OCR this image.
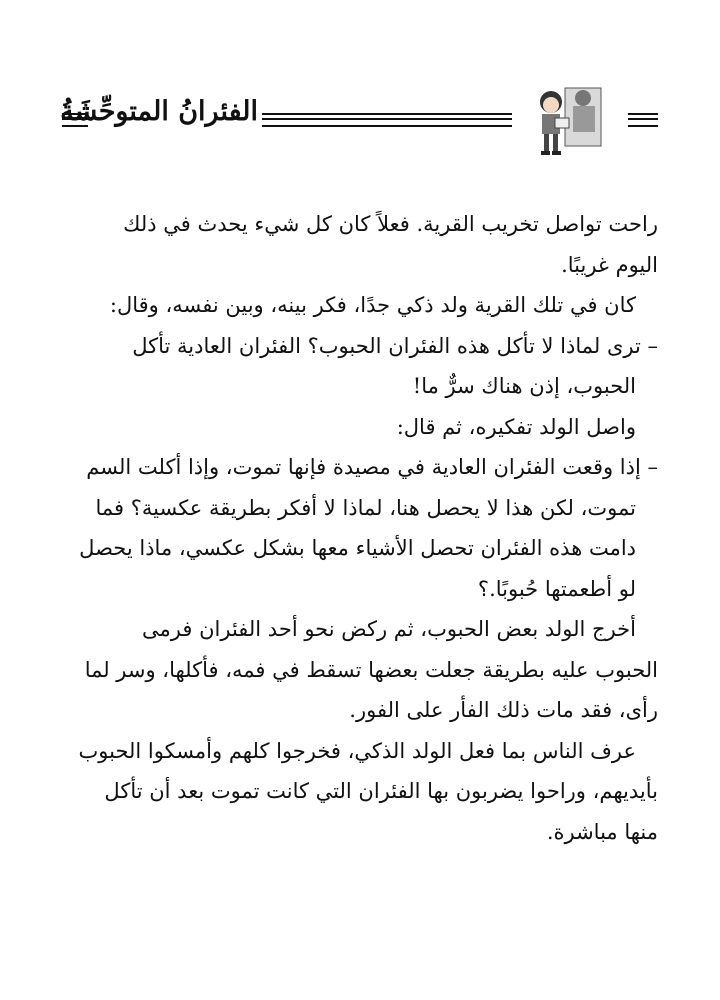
الفئرانُ المتوحِّشَةُ
راحت تواصل تخريب القرية. فعلاً كان كل شيء يحدث في ذلك
اليوم غريبًا.
كان في تلك القرية ولد ذكي جدًا، فكر بينه، وبين نفسه، وقال:
– ترى لماذا لا تأكل هذه الفئران الحبوب؟ الفئران العادية تأكل
الحبوب، إذن هناك سرٌّ ما!
واصل الولد تفكيره، ثم قال:
– إذا وقعت الفئران العادية في مصيدة فإنها تموت، وإذا أكلت السم
تموت، لكن هذا لا يحصل هنا، لماذا لا أفكر بطريقة عكسية؟ فما
دامت هذه الفئران تحصل الأشياء معها بشكل عكسي، ماذا يحصل
لو أطعمتها حُبوبًا.؟
أخرج الولد بعض الحبوب، ثم ركض نحو أحد الفئران فرمى
الحبوب عليه بطريقة جعلت بعضها تسقط في فمه، فأكلها، وسر لما
رأى، فقد مات ذلك الفأر على الفور.
عرف الناس بما فعل الولد الذكي، فخرجوا كلهم وأمسكوا الحبوب
بأيديهم، وراحوا يضربون بها الفئران التي كانت تموت بعد أن تأكل
منها مباشرة.
